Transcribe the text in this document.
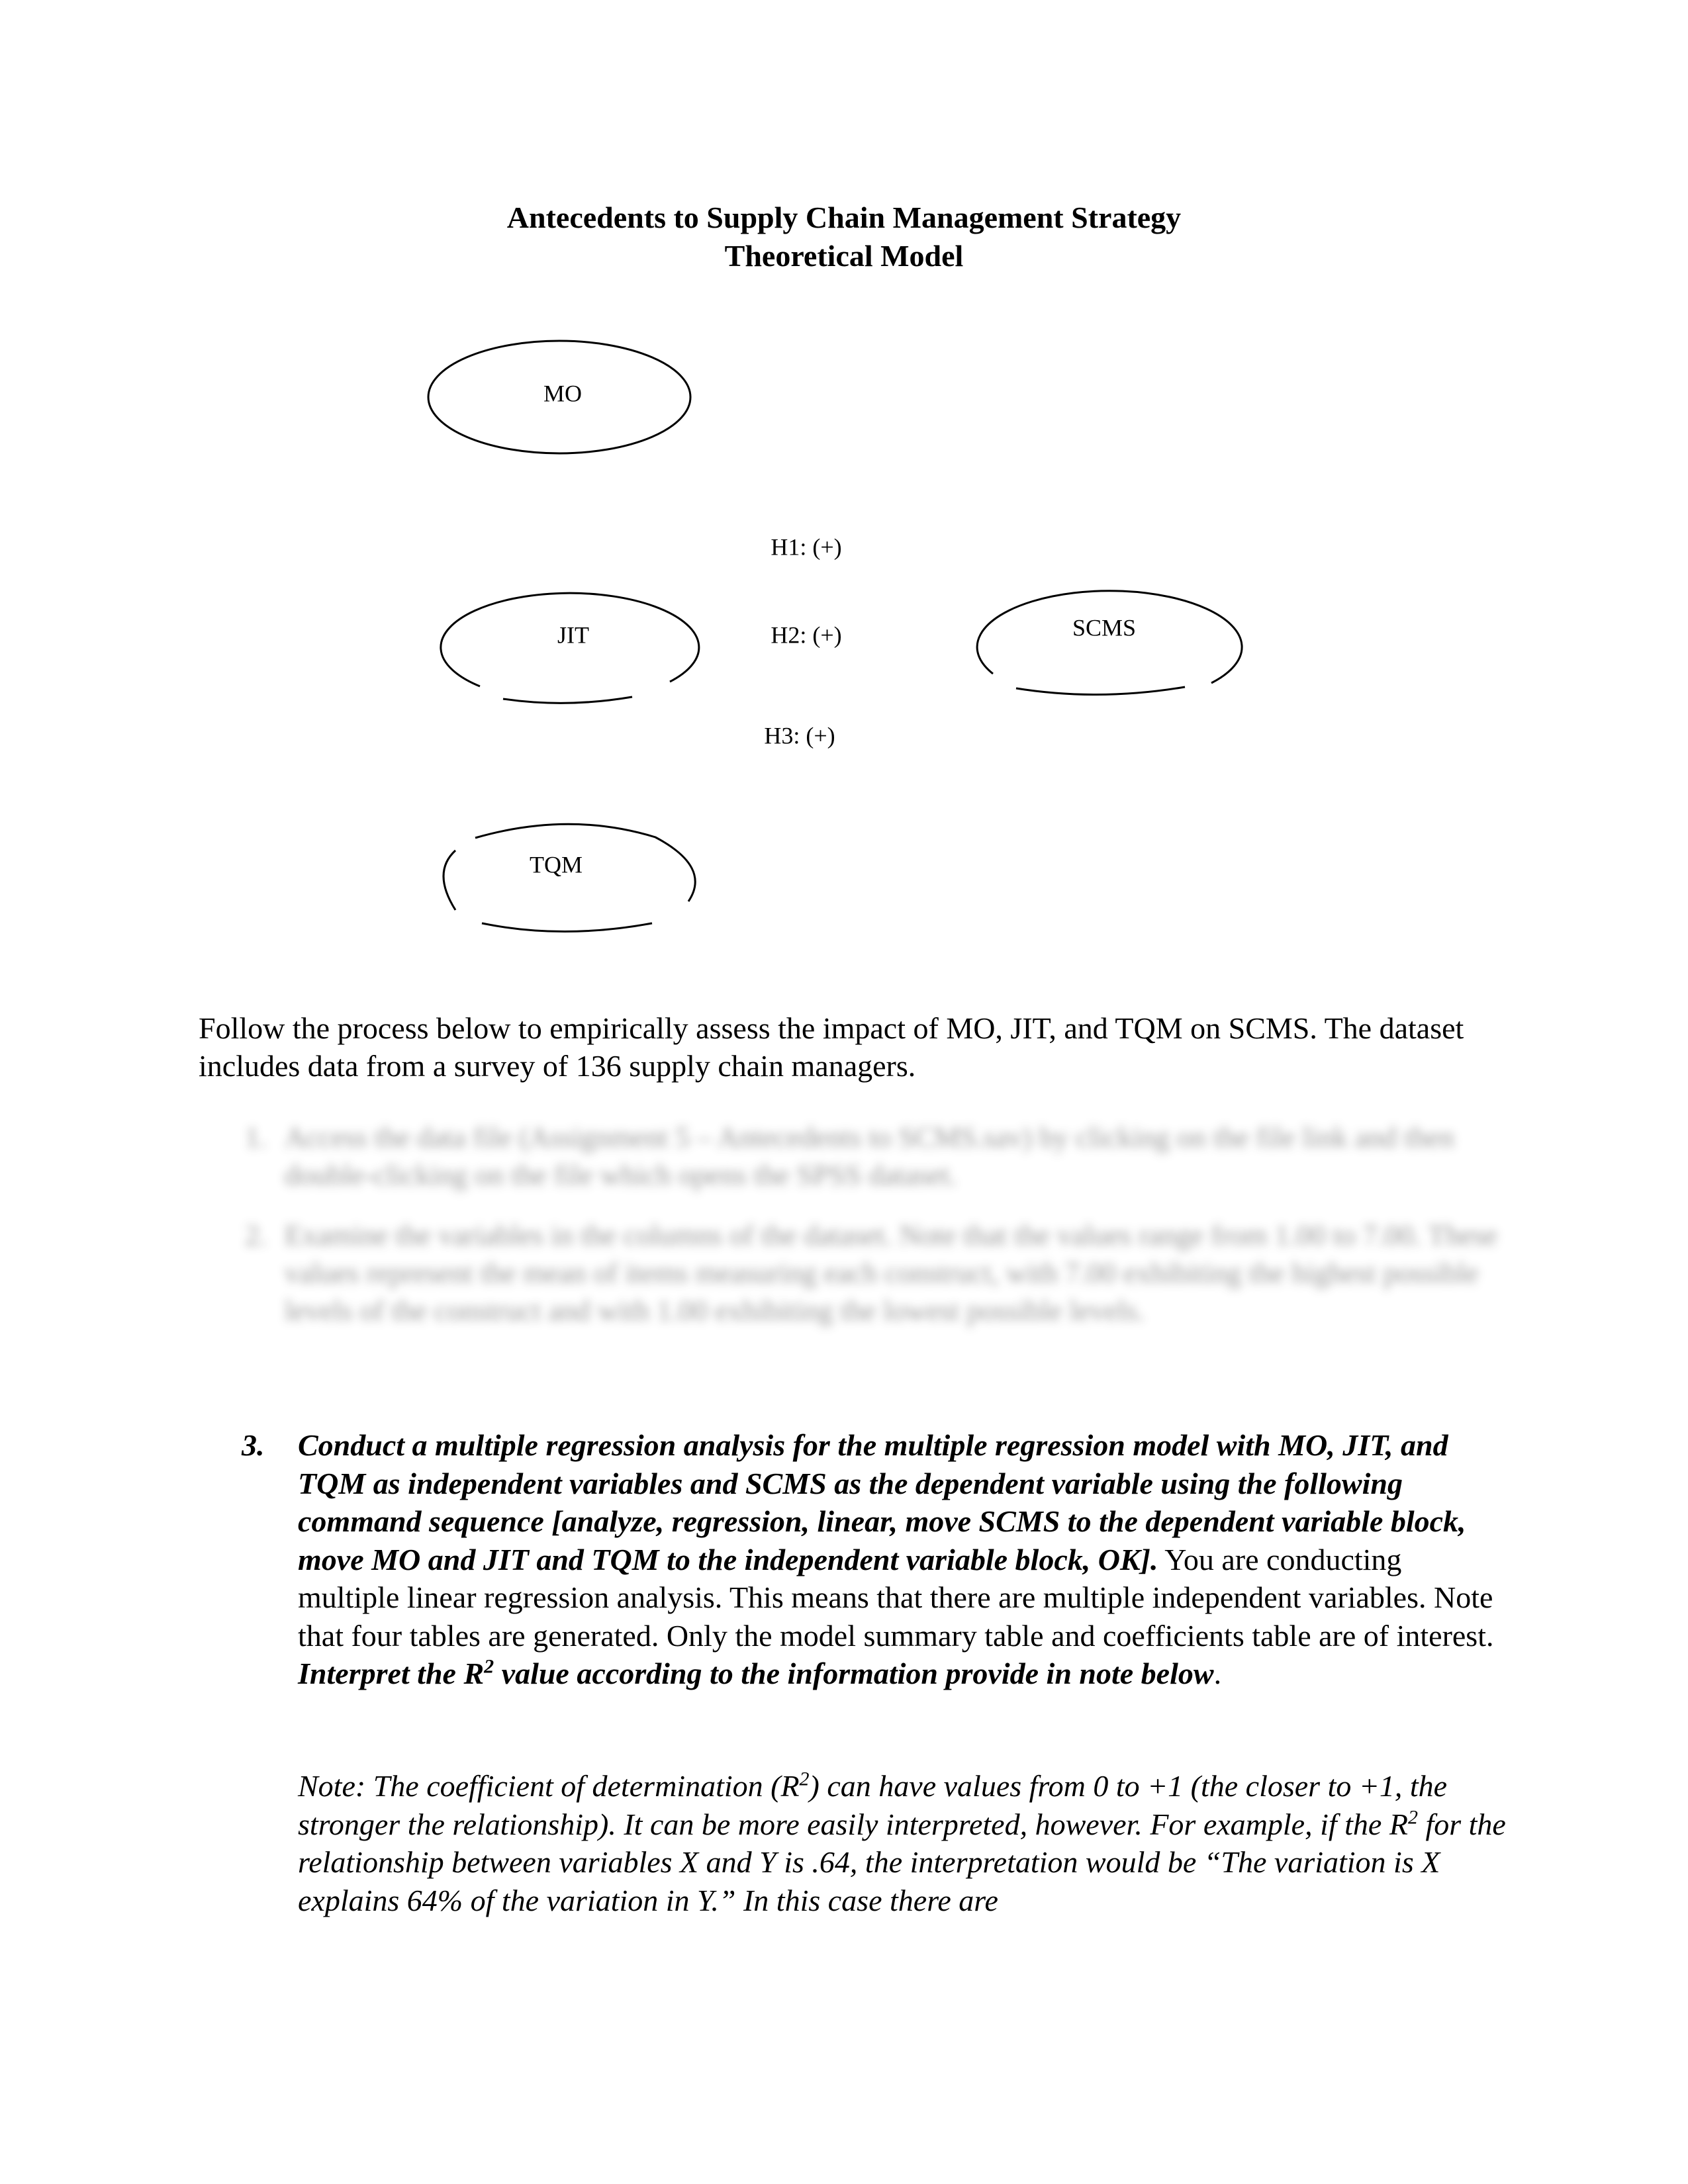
Antecedents to Supply Chain Management Strategy
Theoretical Model
MO
JIT
TQM
SCMS
H1: (+)
H2: (+)
H3: (+)
Follow the process below to empirically assess the impact of MO, JIT, and TQM on SCMS. The dataset includes data from a survey of 136 supply chain managers.
1. Access the data file (Assignment 5 – Antecedents to SCMS.sav) by clicking on the file link and then double-clicking on the file which opens the SPSS dataset.
2. Examine the variables in the columns of the dataset. Note that the values range from 1.00 to 7.00. These values represent the mean of items measuring each construct, with 7.00 exhibiting the highest possible levels of the construct and with 1.00 exhibiting the lowest possible levels.
3. Conduct a multiple regression analysis for the multiple regression model with MO, JIT, and TQM as independent variables and SCMS as the dependent variable using the following command sequence [analyze, regression, linear, move SCMS to the dependent variable block, move MO and JIT and TQM to the independent variable block, OK]. You are conducting multiple linear regression analysis. This means that there are multiple independent variables. Note that four tables are generated. Only the model summary table and coefficients table are of interest. Interpret the $R^2$ value according to the information provide in note below.
Note: The coefficient of determination $(R^2)$ can have values from 0 to +1 (the closer to +1, the stronger the relationship). It can be more easily interpreted, however. For example, if the $R^2$ for the relationship between variables X and Y is .64, the interpretation would be “The variation is X explains 64% of the variation in Y.” In this case there are
